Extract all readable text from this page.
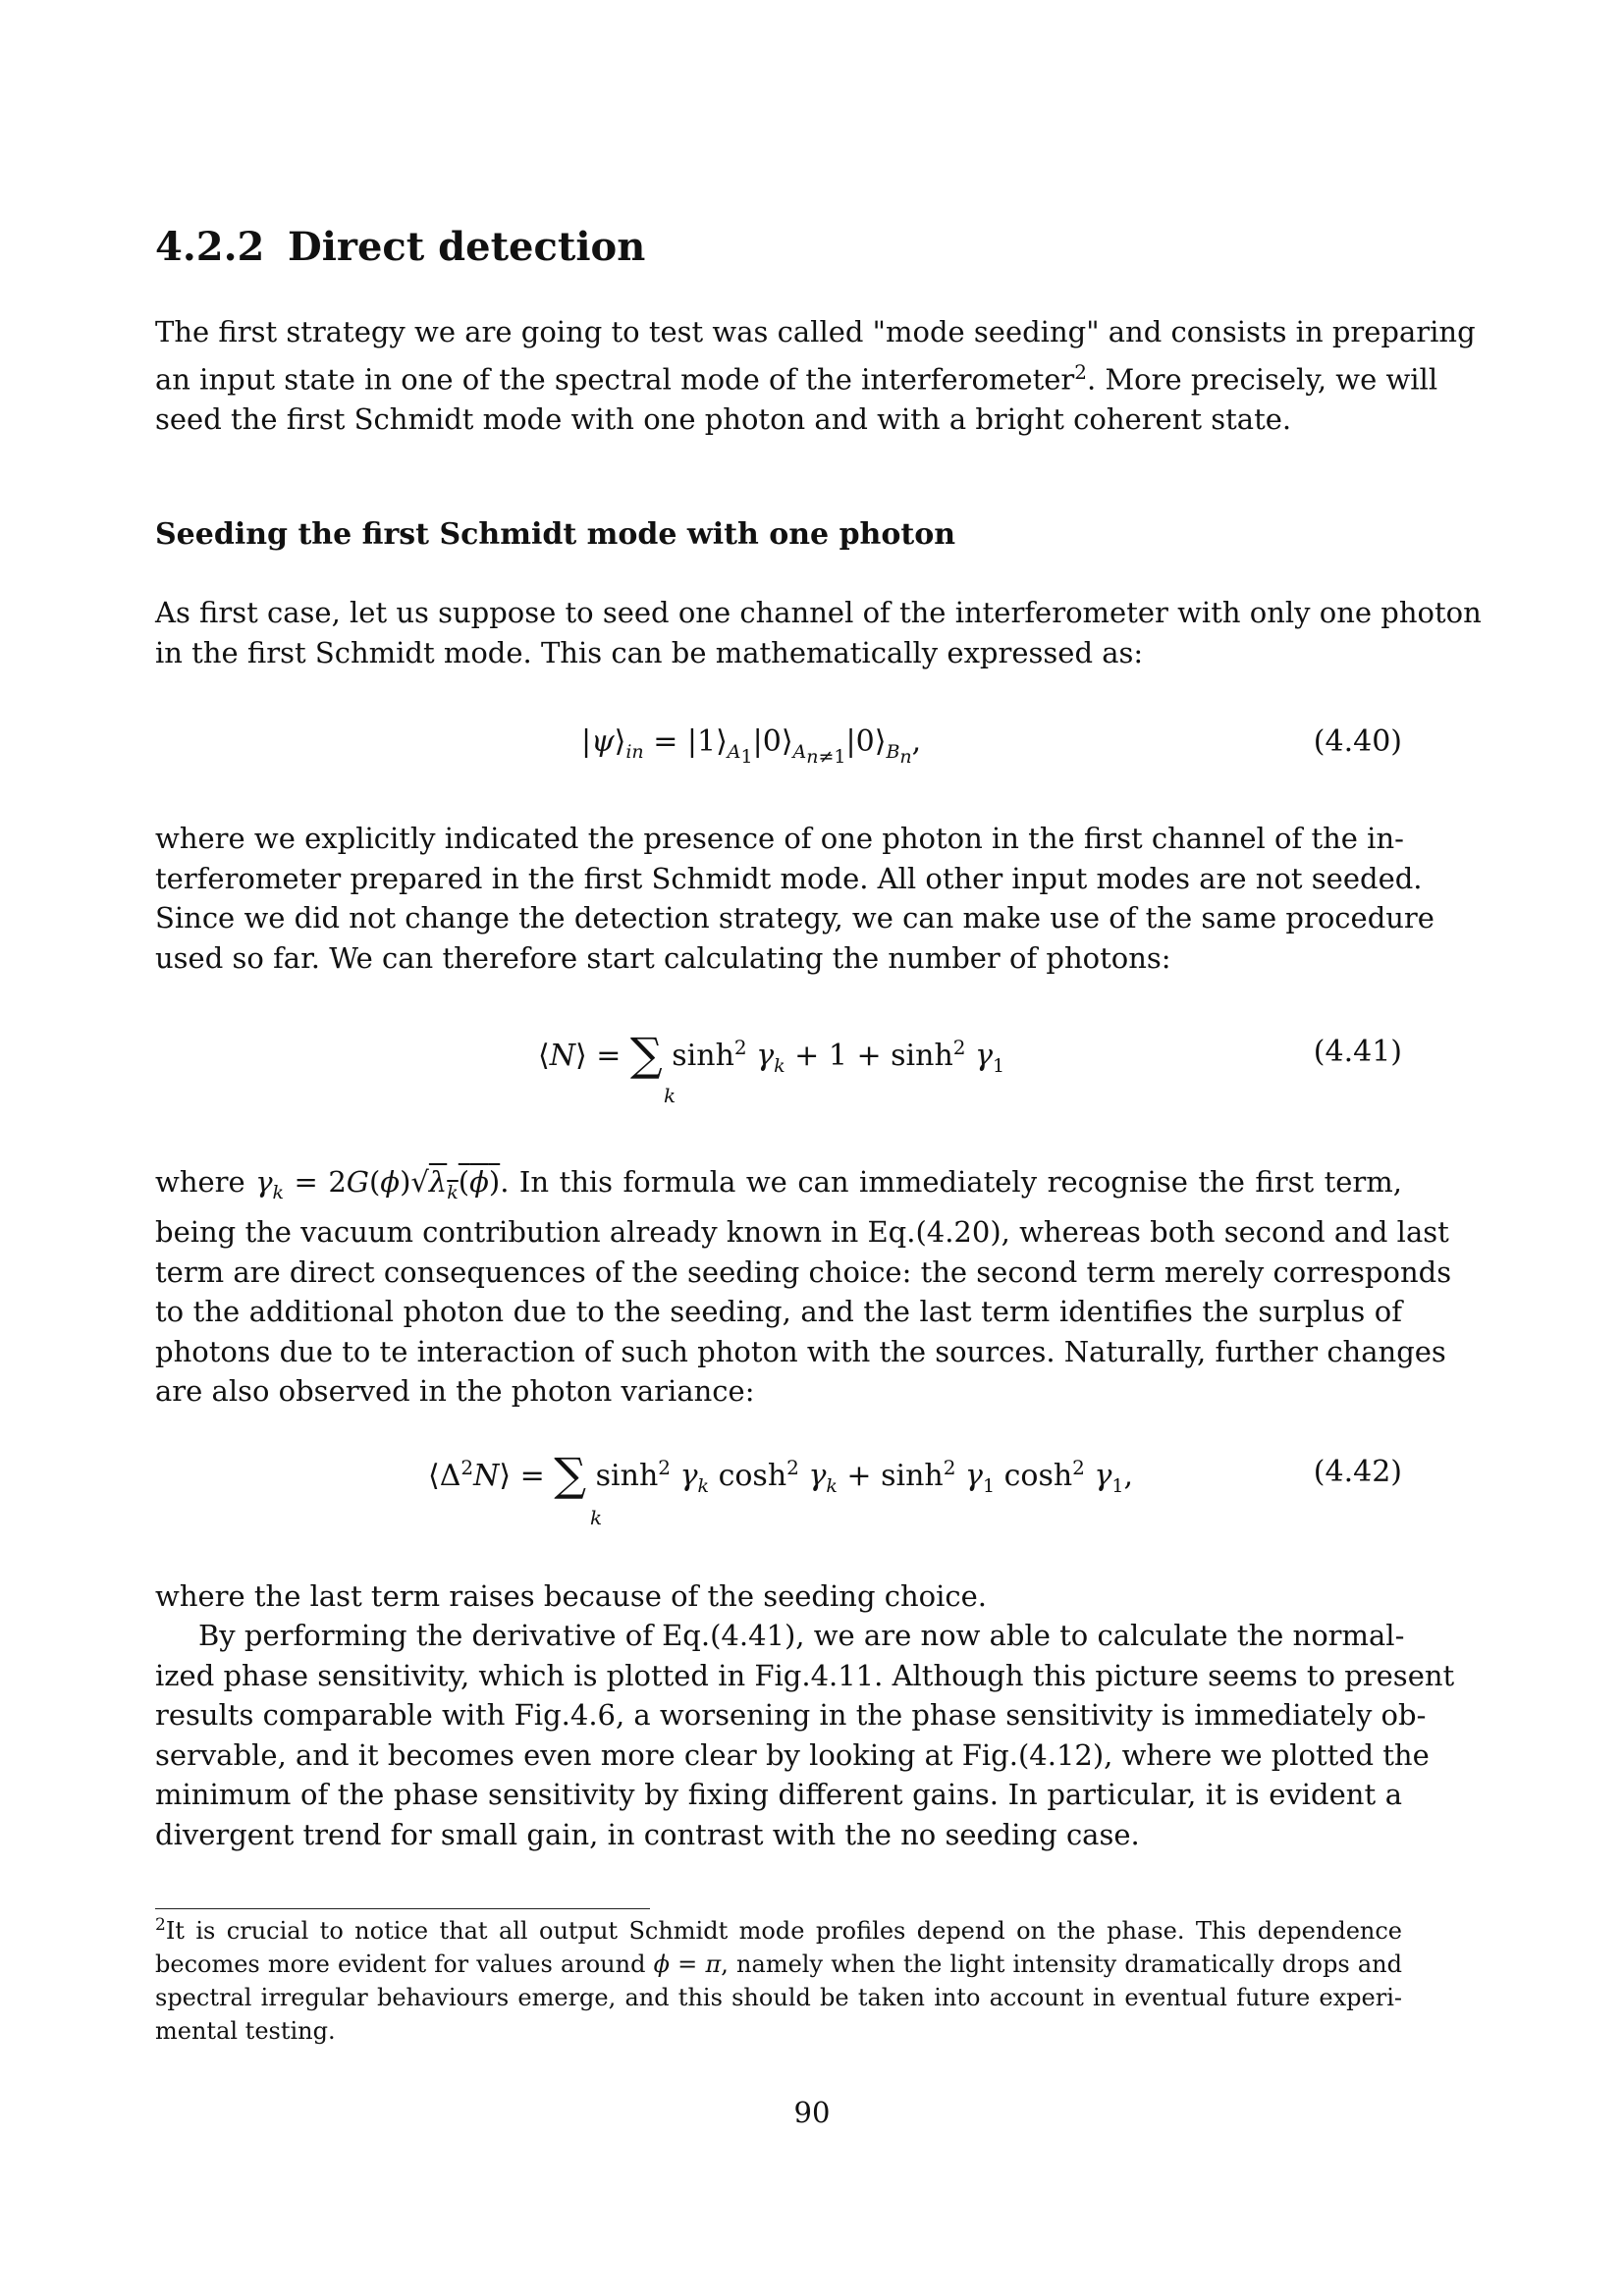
4.2.2 Direct detection
The first strategy we are going to test was called "mode seeding" and consists in preparing
an input state in one of the spectral mode of the interferometer$^2$. More precisely, we will
seed the first Schmidt mode with one photon and with a bright coherent state.
Seeding the first Schmidt mode with one photon
As first case, let us suppose to seed one channel of the interferometer with only one photon
in the first Schmidt mode. This can be mathematically expressed as:
$|\psi⟩_{in}$ = $|1⟩_{A_1}|0⟩_{A_{n\ne 1}}|0⟩_{B_n}$,	(4.40)
where we explicitly indicated the presence of one photon in the first channel of the in-
terferometer prepared in the first Schmidt mode. All other input modes are not seeded.
Since we did not change the detection strategy, we can make use of the same procedure
used so far. We can therefore start calculating the number of photons:
⟨N⟩ = ∑ $\sinh^2 \gamma_k + 1 + \sinh^2 \gamma_1$
k
(4.41)
where $\gamma_k = 2G(\phi)√\lambda_k(\phi)$. In this formula we can immediately recognise the first term,
being the vacuum contribution already known in Eq.(4.20), whereas both second and last
term are direct consequences of the seeding choice: the second term merely corresponds
to the additional photon due to the seeding, and the last term identifies the surplus of
photons due to te interaction of such photon with the sources. Naturally, further changes
are also observed in the photon variance:
$⟨\Delta^2N⟩$ = ∑ $\sinh^2 \gamma_k$ $\cosh^2 \gamma_k + \sinh^2 \gamma_1$ $\cosh^2 \gamma_1$,
k
(4.42)
where the last term raises because of the seeding choice.
By performing the derivative of Eq.(4.41), we are now able to calculate the normal-
ized phase sensitivity, which is plotted in Fig.4.11. Although this picture seems to present
results comparable with Fig.4.6, a worsening in the phase sensitivity is immediately ob-
servable, and it becomes even more clear by looking at Fig.(4.12), where we plotted the
minimum of the phase sensitivity by fixing different gains. In particular, it is evident a
divergent trend for small gain, in contrast with the no seeding case.
$^2$It is crucial to notice that all output Schmidt mode profiles depend on the phase. This dependence
becomes more evident for values around ϕ = π, namely when the light intensity dramatically drops and
spectral irregular behaviours emerge, and this should be taken into account in eventual future experi-
mental testing.
90
